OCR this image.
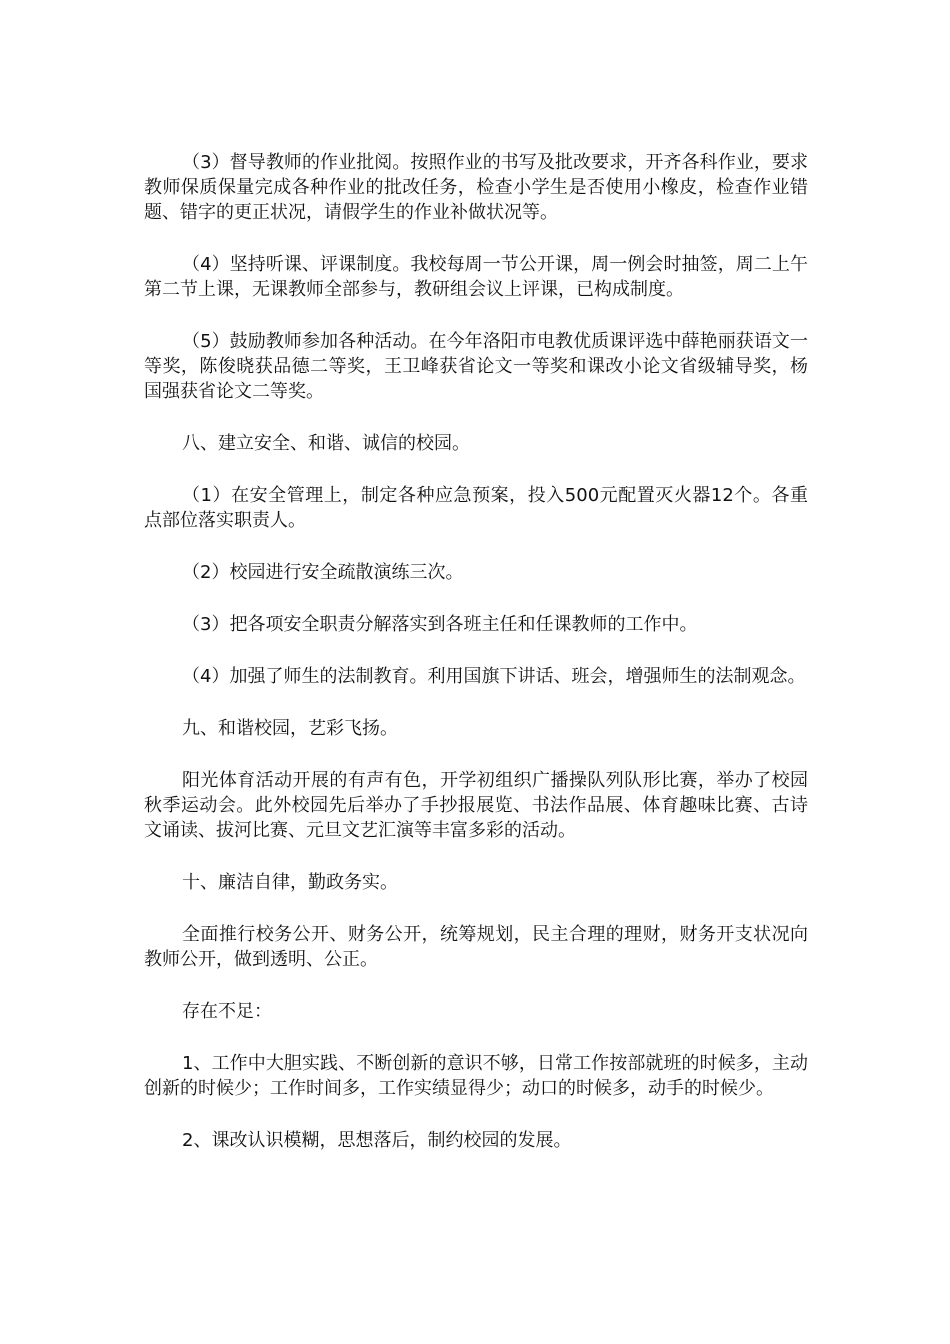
（3）督导教师的作业批阅。按照作业的书写及批改要求，开齐各科作业，要求教师保质保量完成各种作业的批改任务，检查小学生是否使用小橡皮，检查作业错题、错字的更正状况，请假学生的作业补做状况等。

（4）坚持听课、评课制度。我校每周一节公开课，周一例会时抽签，周二上午第二节上课，无课教师全部参与，教研组会议上评课，已构成制度。

（5）鼓励教师参加各种活动。在今年洛阳市电教优质课评选中薛艳丽获语文一等奖，陈俊晓获品德二等奖，王卫峰获省论文一等奖和课改小论文省级辅导奖，杨国强获省论文二等奖。

八、建立安全、和谐、诚信的校园。

（1）在安全管理上，制定各种应急预案，投入500元配置灭火器12个。各重点部位落实职责人。

（2）校园进行安全疏散演练三次。

（3）把各项安全职责分解落实到各班主任和任课教师的工作中。

（4）加强了师生的法制教育。利用国旗下讲话、班会，增强师生的法制观念。

九、和谐校园，艺彩飞扬。

阳光体育活动开展的有声有色，开学初组织广播操队列队形比赛，举办了校园秋季运动会。此外校园先后举办了手抄报展览、书法作品展、体育趣味比赛、古诗文诵读、拔河比赛、元旦文艺汇演等丰富多彩的活动。

十、廉洁自律，勤政务实。

全面推行校务公开、财务公开，统筹规划，民主合理的理财，财务开支状况向教师公开，做到透明、公正。

存在不足：

1、工作中大胆实践、不断创新的意识不够，日常工作按部就班的时候多，主动创新的时候少；工作时间多，工作实绩显得少；动口的时候多，动手的时候少。

2、课改认识模糊，思想落后，制约校园的发展。
